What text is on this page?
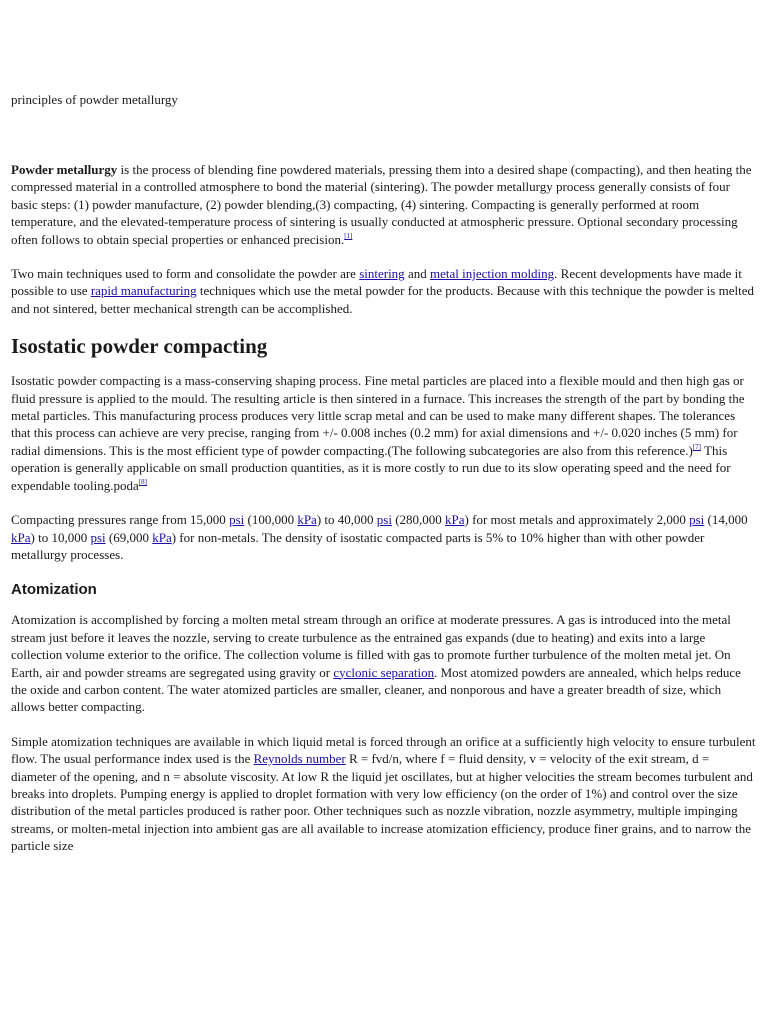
principles of powder metallurgy

Powder metallurgy is the process of blending fine powdered materials, pressing them into a desired shape (compacting), and then heating the compressed material in a controlled atmosphere to bond the material (sintering). The powder metallurgy process generally consists of four basic steps: (1) powder manufacture, (2) powder blending,(3) compacting, (4) sintering. Compacting is generally performed at room temperature, and the elevated-temperature process of sintering is usually conducted at atmospheric pressure. Optional secondary processing often follows to obtain special properties or enhanced precision.[1]

Two main techniques used to form and consolidate the powder are sintering and metal injection molding. Recent developments have made it possible to use rapid manufacturing techniques which use the metal powder for the products. Because with this technique the powder is melted and not sintered, better mechanical strength can be accomplished.

Isostatic powder compacting

Isostatic powder compacting is a mass-conserving shaping process. Fine metal particles are placed into a flexible mould and then high gas or fluid pressure is applied to the mould. The resulting article is then sintered in a furnace. This increases the strength of the part by bonding the metal particles. This manufacturing process produces very little scrap metal and can be used to make many different shapes. The tolerances that this process can achieve are very precise, ranging from +/- 0.008 inches (0.2 mm) for axial dimensions and +/- 0.020 inches (5 mm) for radial dimensions. This is the most efficient type of powder compacting.(The following subcategories are also from this reference.)[7] This operation is generally applicable on small production quantities, as it is more costly to run due to its slow operating speed and the need for expendable tooling.poda[8]

Compacting pressures range from 15,000 psi (100,000 kPa) to 40,000 psi (280,000 kPa) for most metals and approximately 2,000 psi (14,000 kPa) to 10,000 psi (69,000 kPa) for non-metals. The density of isostatic compacted parts is 5% to 10% higher than with other powder metallurgy processes.

Atomization

Atomization is accomplished by forcing a molten metal stream through an orifice at moderate pressures. A gas is introduced into the metal stream just before it leaves the nozzle, serving to create turbulence as the entrained gas expands (due to heating) and exits into a large collection volume exterior to the orifice. The collection volume is filled with gas to promote further turbulence of the molten metal jet. On Earth, air and powder streams are segregated using gravity or cyclonic separation. Most atomized powders are annealed, which helps reduce the oxide and carbon content. The water atomized particles are smaller, cleaner, and nonporous and have a greater breadth of size, which allows better compacting.

Simple atomization techniques are available in which liquid metal is forced through an orifice at a sufficiently high velocity to ensure turbulent flow. The usual performance index used is the Reynolds number R = fvd/n, where f = fluid density, v = velocity of the exit stream, d = diameter of the opening, and n = absolute viscosity. At low R the liquid jet oscillates, but at higher velocities the stream becomes turbulent and breaks into droplets. Pumping energy is applied to droplet formation with very low efficiency (on the order of 1%) and control over the size distribution of the metal particles produced is rather poor. Other techniques such as nozzle vibration, nozzle asymmetry, multiple impinging streams, or molten-metal injection into ambient gas are all available to increase atomization efficiency, produce finer grains, and to narrow the particle size
